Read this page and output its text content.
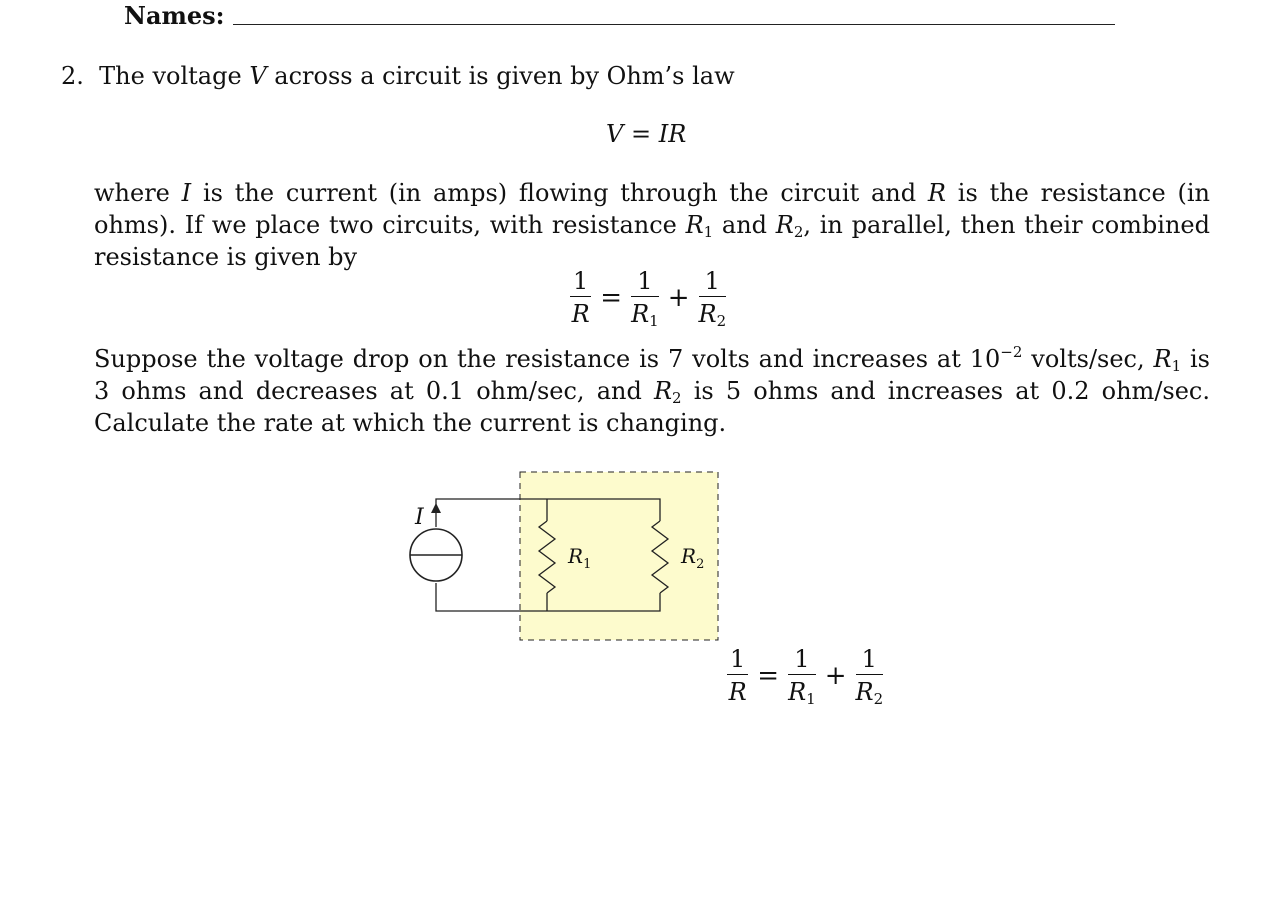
Names:
2. The voltage V across a circuit is given by Ohm’s law
V = IR
where I is the current (in amps) flowing through the circuit and R is the resistance (in ohms). If we place two circuits, with resistance $R_1$ and $R_2$, in parallel, then their combined resistance is given by
$\frac{1}{R} = \frac{1}{R_1} + \frac{1}{R_2}$
Suppose the voltage drop on the resistance is 7 volts and increases at $10^{-2}$ volts/sec, $R_1$ is 3 ohms and decreases at 0.1 ohm/sec, and $R_2$ is 5 ohms and increases at 0.2 ohm/sec. Calculate the rate at which the current is changing.
I
$R_1$	$R_2$
$\frac{1}{R} = \frac{1}{R_1} + \frac{1}{R_2}$
